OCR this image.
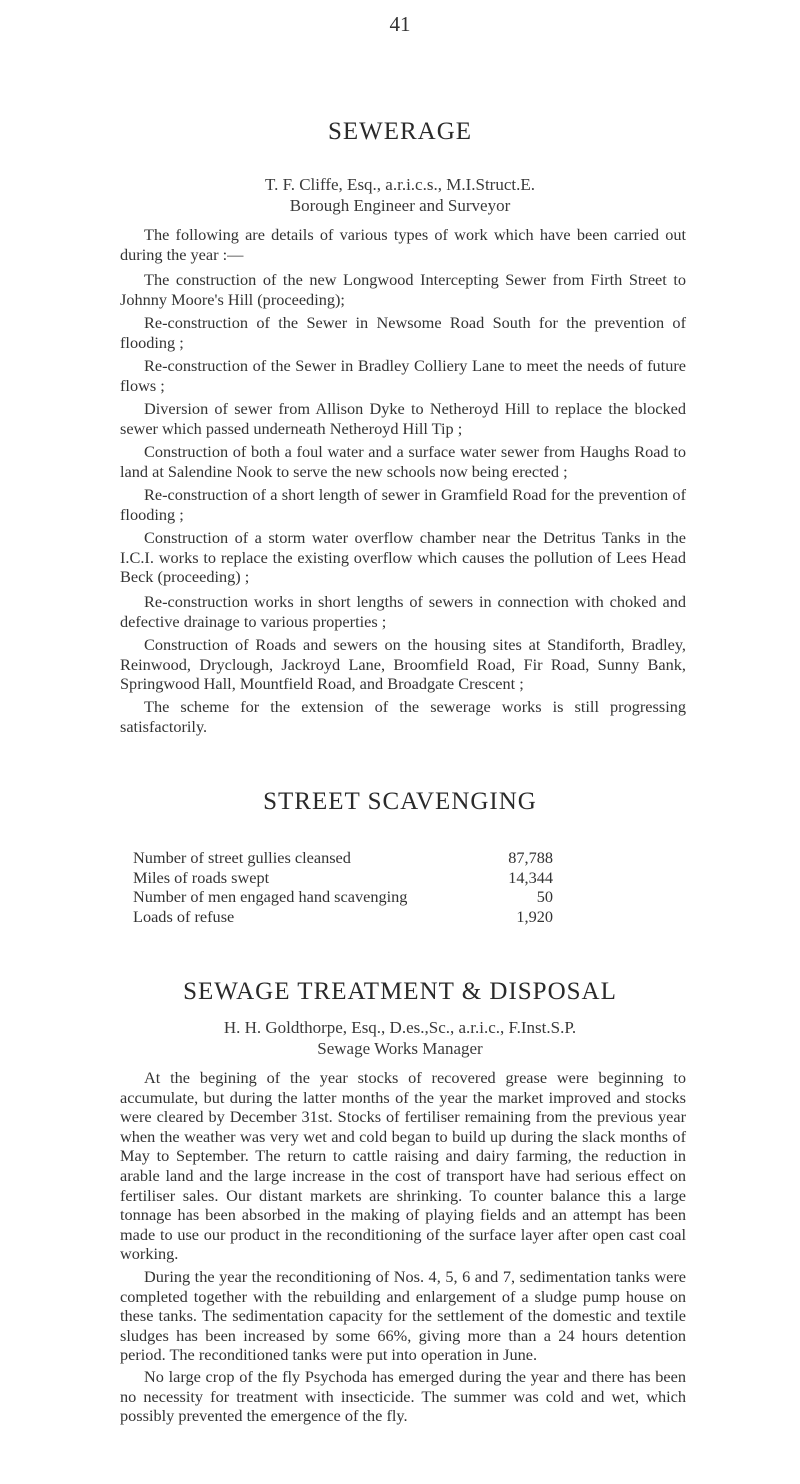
41
SEWERAGE
T. F. Cliffe, Esq., a.r.i.c.s., M.I.Struct.E.
Borough Engineer and Surveyor
The following are details of various types of work which have been carried out during the year :—
The construction of the new Longwood Intercepting Sewer from Firth Street to Johnny Moore's Hill (proceeding);
Re-construction of the Sewer in Newsome Road South for the prevention of flooding ;
Re-construction of the Sewer in Bradley Colliery Lane to meet the needs of future flows ;
Diversion of sewer from Allison Dyke to Netheroyd Hill to replace the blocked sewer which passed underneath Netheroyd Hill Tip ;
Construction of both a foul water and a surface water sewer from Haughs Road to land at Salendine Nook to serve the new schools now being erected ;
Re-construction of a short length of sewer in Gramfield Road for the prevention of flooding ;
Construction of a storm water overflow chamber near the Detritus Tanks in the I.C.I. works to replace the existing overflow which causes the pollution of Lees Head Beck (proceeding) ;
Re-construction works in short lengths of sewers in connection with choked and defective drainage to various properties ;
Construction of Roads and sewers on the housing sites at Standiforth, Bradley, Reinwood, Dryclough, Jackroyd Lane, Broomfield Road, Fir Road, Sunny Bank, Springwood Hall, Mountfield Road, and Broadgate Crescent ;
The scheme for the extension of the sewerage works is still progressing satisfactorily.
STREET SCAVENGING
Number of street gullies cleansed	87,788
Miles of roads swept	14,344
Number of men engaged hand scavenging	50
Loads of refuse	1,920
SEWAGE TREATMENT & DISPOSAL
H. H. Goldthorpe, Esq., D.es.,Sc., a.r.i.c., F.Inst.S.P.
Sewage Works Manager
At the begining of the year stocks of recovered grease were beginning to accumulate, but during the latter months of the year the market improved and stocks were cleared by December 31st. Stocks of fertiliser remaining from the previous year when the weather was very wet and cold began to build up during the slack months of May to September. The return to cattle raising and dairy farming, the reduction in arable land and the large increase in the cost of transport have had serious effect on fertiliser sales. Our distant markets are shrinking. To counter balance this a large tonnage has been absorbed in the making of playing fields and an attempt has been made to use our product in the reconditioning of the surface layer after open cast coal working.
During the year the reconditioning of Nos. 4, 5, 6 and 7, sedimentation tanks were completed together with the rebuilding and enlargement of a sludge pump house on these tanks. The sedimentation capacity for the settlement of the domestic and textile sludges has been increased by some 66%, giving more than a 24 hours detention period. The reconditioned tanks were put into operation in June.
No large crop of the fly Psychoda has emerged during the year and there has been no necessity for treatment with insecticide. The summer was cold and wet, which possibly prevented the emergence of the fly.
